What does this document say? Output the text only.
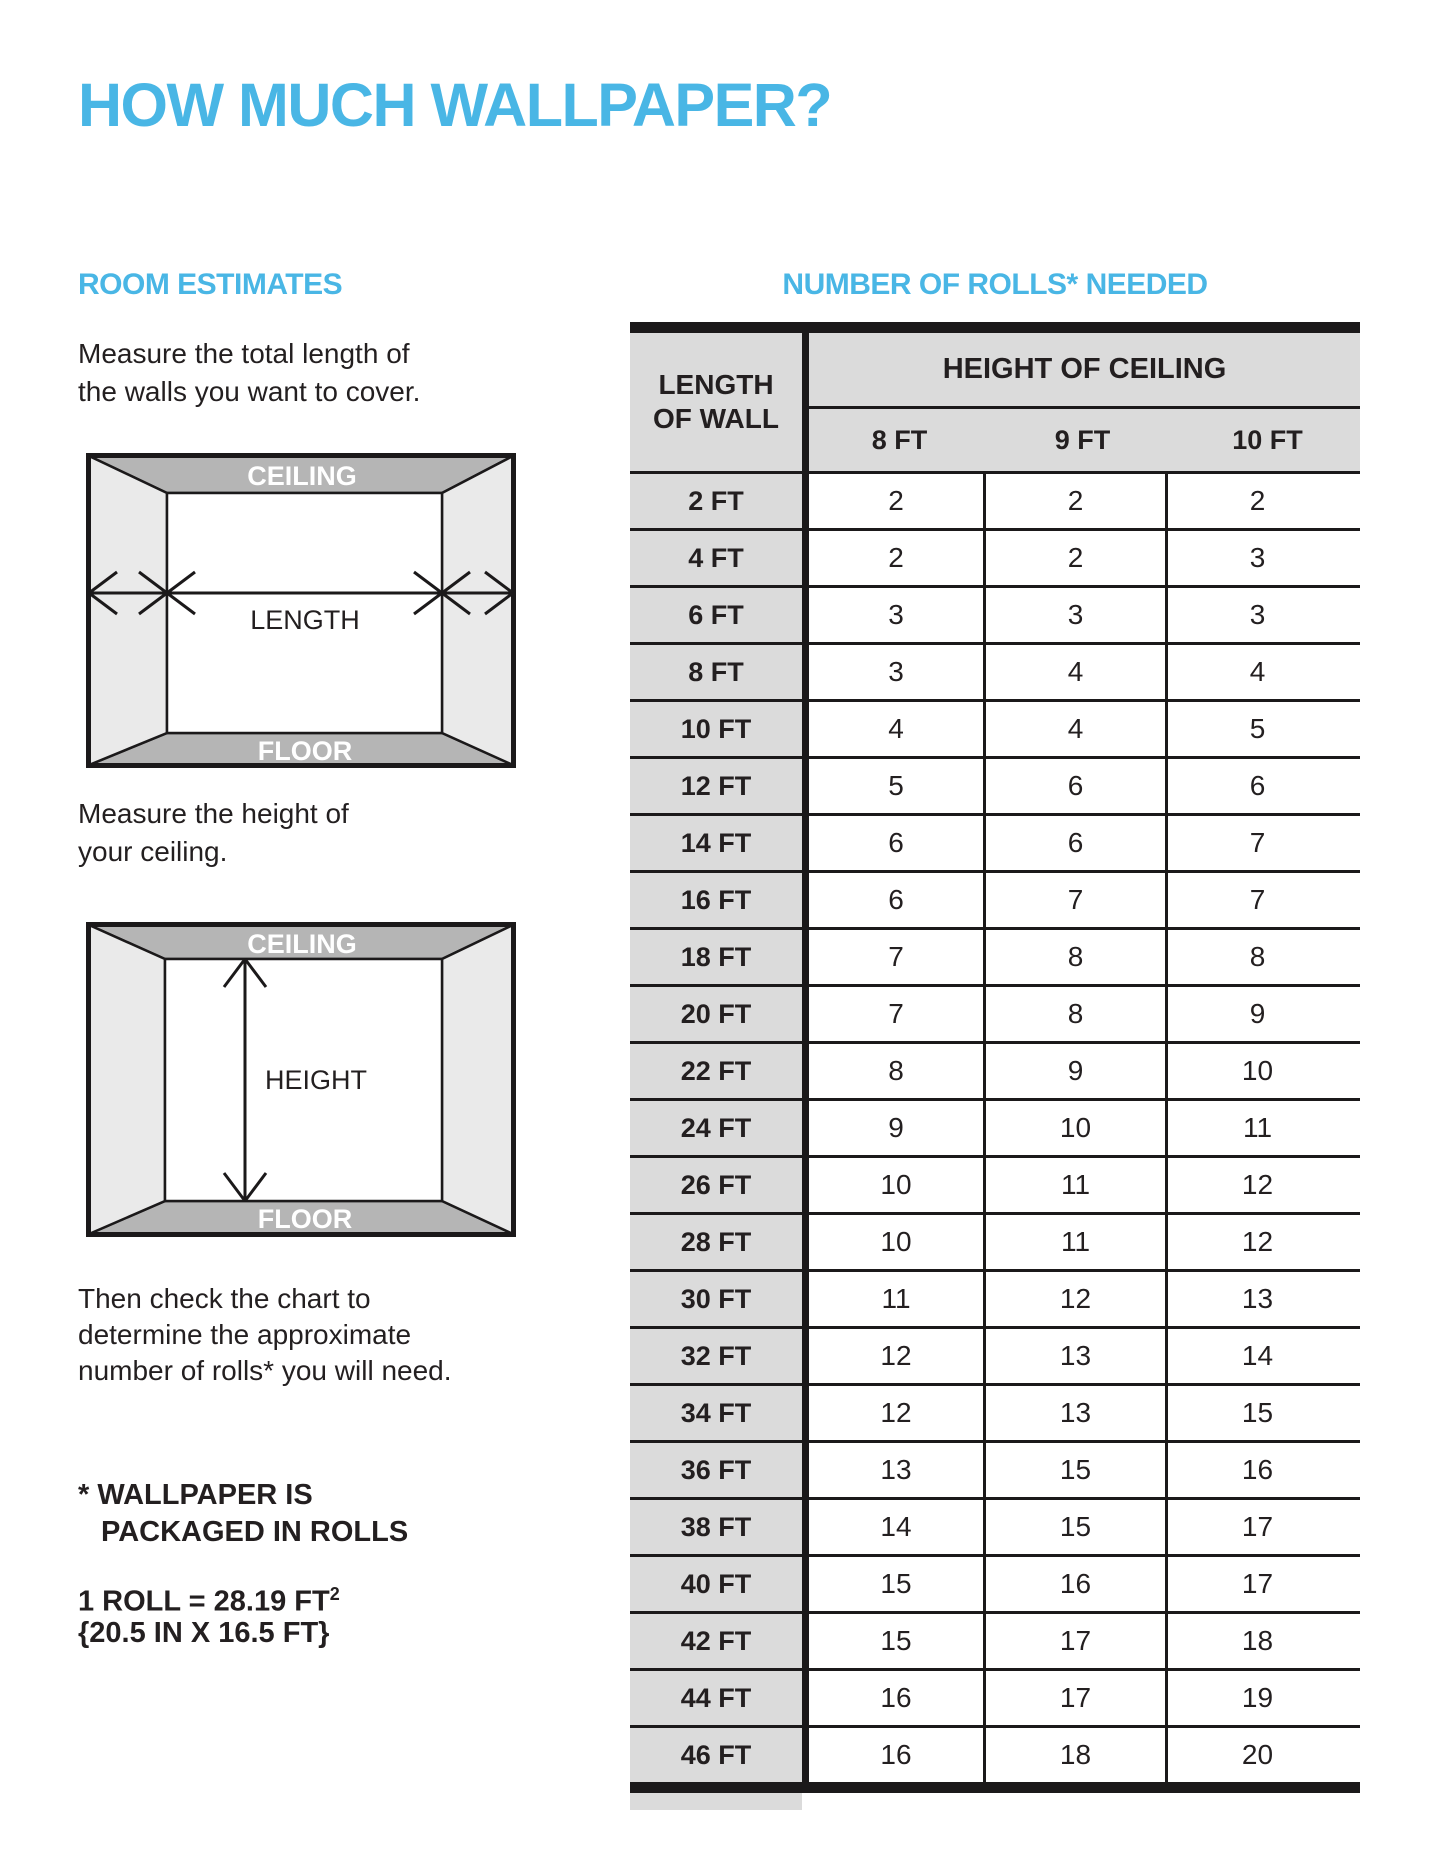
HOW MUCH WALLPAPER?
ROOM ESTIMATES	NUMBER OF ROLLS* NEEDED
Measure the total length of
the walls you want to cover.
CEILING
FLOOR
LENGTH
Measure the height of
your ceiling.
CEILING
FLOOR
HEIGHT
Then check the chart to
determine the approximate
number of rolls* you will need.
* WALLPAPER IS
PACKAGED IN ROLLS
1 ROLL = 28.19 $FT^2$
{20.5 IN X 16.5 FT}
LENGTH
OF WALL
HEIGHT OF CEILING
8 FT	9 FT	10 FT
2 FT	2	2	2
4 FT	2	2	3
6 FT	3	3	3
8 FT	3	4	4
10 FT	4	4	5
12 FT	5	6	6
14 FT	6	6	7
16 FT	6	7	7
18 FT	7	8	8
20 FT	7	8	9
22 FT	8	9	10
24 FT	9	10	11
26 FT	10	11	12
28 FT	10	11	12
30 FT	11	12	13
32 FT	12	13	14
34 FT	12	13	15
36 FT	13	15	16
38 FT	14	15	17
40 FT	15	16	17
42 FT	15	17	18
44 FT	16	17	19
46 FT	16	18	20
